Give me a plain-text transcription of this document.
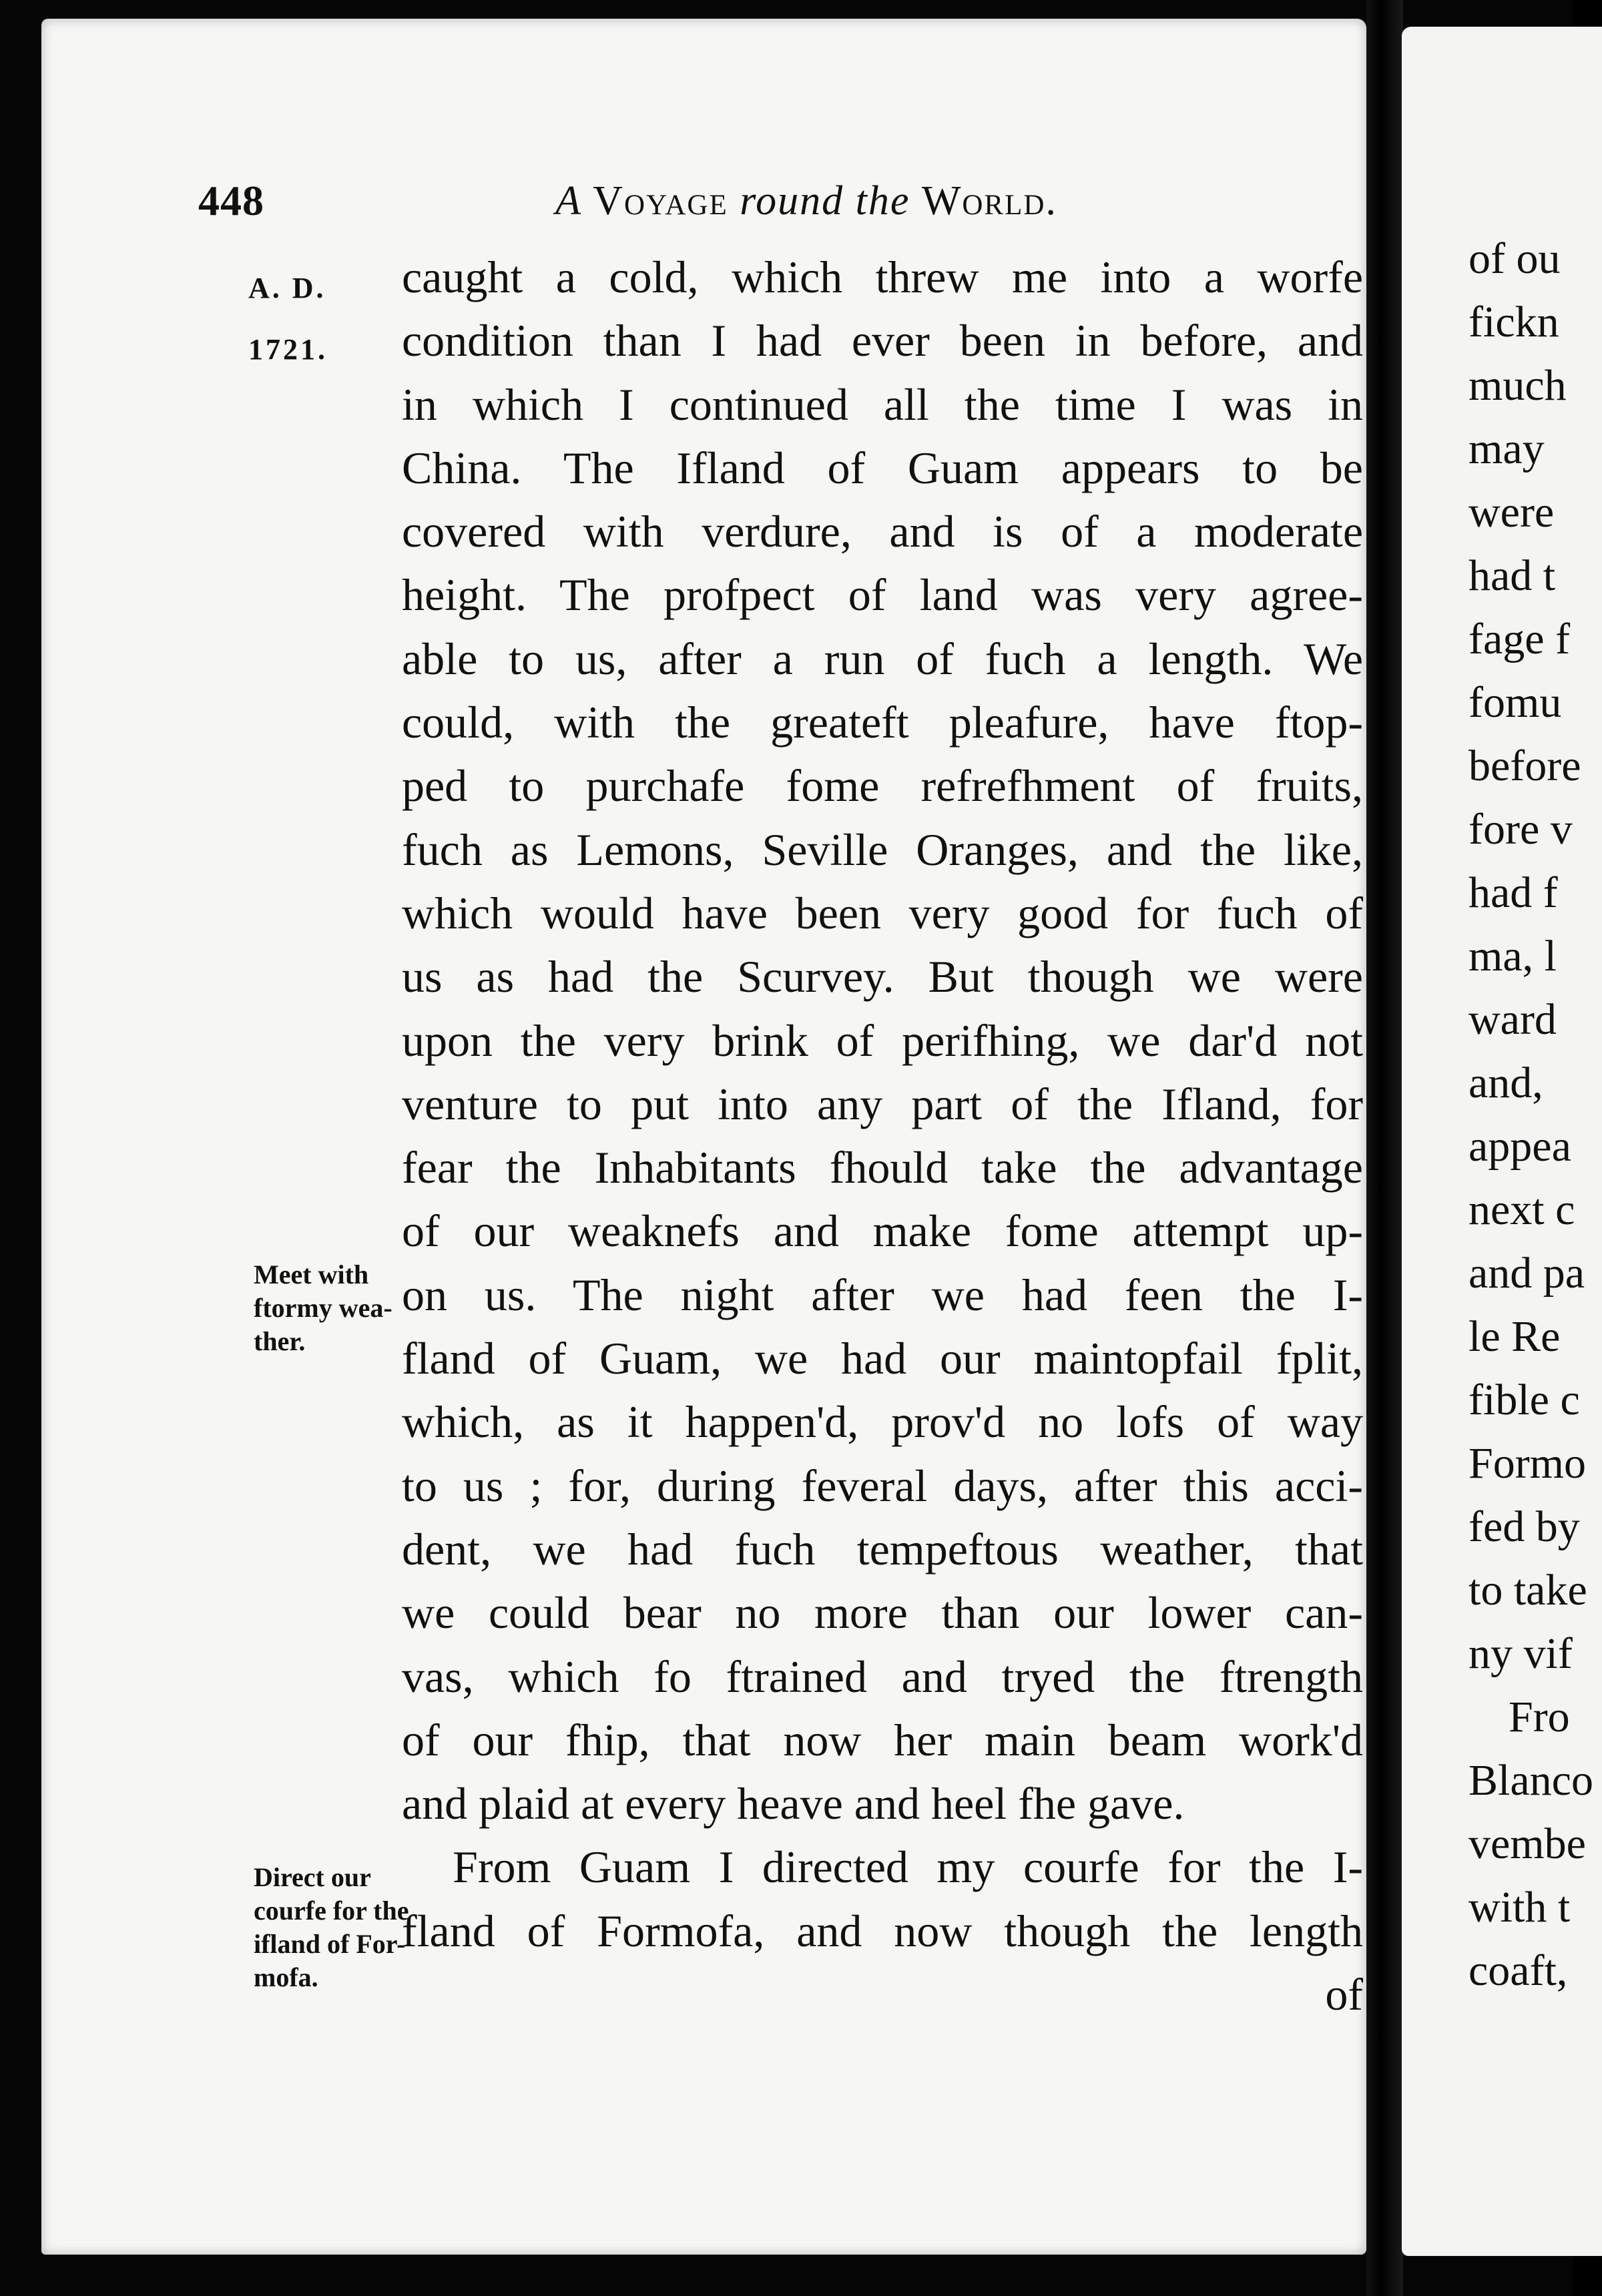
448	A Voyage round the World.
A. D.
1721.
caught a cold, which threw me into a worfe
condition than I had ever been in before, and
in which I continued all the time I was in
China. The Ifland of Guam appears to be
covered with verdure, and is of a moderate
height. The profpect of land was very agree-
able to us, after a run of fuch a length. We
could, with the greateft pleafure, have ftop-
ped to purchafe fome refrefhment of fruits,
fuch as Lemons, Seville Oranges, and the like,
which would have been very good for fuch of
us as had the Scurvey. But though we were
upon the very brink of perifhing, we dar'd not
venture to put into any part of the Ifland, for
fear the Inhabitants fhould take the advantage
of our weaknefs and make fome attempt up-
on us. The night after we had feen the I-
fland of Guam, we had our maintopfail fplit,
which, as it happen'd, prov'd no lofs of way
to us ; for, during feveral days, after this acci-
dent, we had fuch tempeftous weather, that
we could bear no more than our lower can-
vas, which fo ftrained and tryed the ftrength
of our fhip, that now her main beam work'd
and plaid at every heave and heel fhe gave.
From Guam I directed my courfe for the I-
fland of Formofa, and now though the length
of
Meet with
ftormy wea-
ther.
Direct our
courfe for the
ifland of For-
mofa.
of ou
fickn
much
may
were
had t
fage f
fomu
before
fore v
had f
ma, l
ward
and,
appea
next c
and pa
le Re
fible c
Formo
fed by
to take
ny vif
Fro
Blanco
vembe
with t
coaft,
